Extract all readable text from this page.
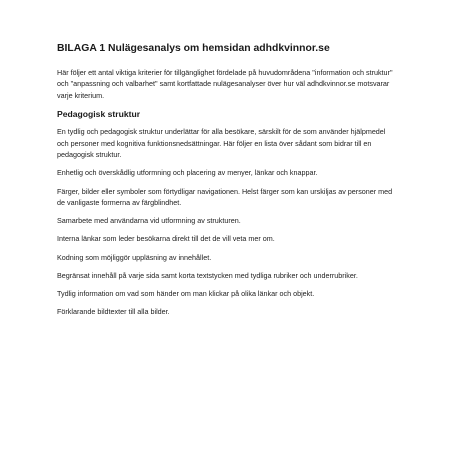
BILAGA 1 Nulägesanalys om hemsidan adhdkvinnor.se

Här följer ett antal viktiga kriterier för tillgänglighet fördelade på huvudområdena "information och struktur" och "anpassning och valbarhet" samt kortfattade nulägesanalyser över hur väl adhdkvinnor.se motsvarar varje kriterium.

Pedagogisk struktur

En tydlig och pedagogisk struktur underlättar för alla besökare, särskilt för de som använder hjälpmedel och personer med kognitiva funktionsnedsättningar. Här följer en lista över sådant som bidrar till en pedagogisk struktur.

Enhetlig och överskådlig utformning och placering av menyer, länkar och knappar.
Färger, bilder eller symboler som förtydligar navigationen. Helst färger som kan urskiljas av personer med de vanligaste formerna av färgblindhet.
Samarbete med användarna vid utformning av strukturen.
Interna länkar som leder besökarna direkt till det de vill veta mer om.
Kodning som möjliggör uppläsning av innehållet.
Begränsat innehåll på varje sida samt korta textstycken med tydliga rubriker och underrubriker.
Tydlig information om vad som händer om man klickar på olika länkar och objekt.
Förklarande bildtexter till alla bilder.
